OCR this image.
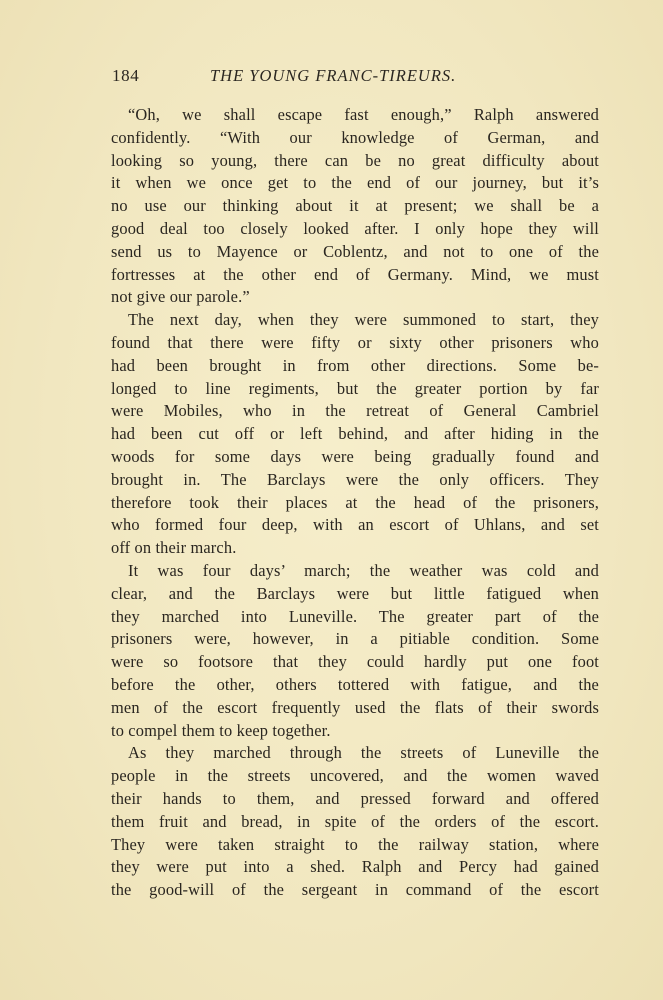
184	THE YOUNG FRANC-TIREURS.
“Oh, we shall escape fast enough,” Ralph answered
confidently. “With our knowledge of German, and
looking so young, there can be no great difficulty about
it when we once get to the end of our journey, but it’s
no use our thinking about it at present; we shall be a
good deal too closely looked after. I only hope they will
send us to Mayence or Coblentz, and not to one of the
fortresses at the other end of Germany. Mind, we must
not give our parole.”
The next day, when they were summoned to start, they
found that there were fifty or sixty other prisoners who
had been brought in from other directions. Some be-
longed to line regiments, but the greater portion by far
were Mobiles, who in the retreat of General Cambriel
had been cut off or left behind, and after hiding in the
woods for some days were being gradually found and
brought in. The Barclays were the only officers. They
therefore took their places at the head of the prisoners,
who formed four deep, with an escort of Uhlans, and set
off on their march.
It was four days’ march; the weather was cold and
clear, and the Barclays were but little fatigued when
they marched into Luneville. The greater part of the
prisoners were, however, in a pitiable condition. Some
were so footsore that they could hardly put one foot
before the other, others tottered with fatigue, and the
men of the escort frequently used the flats of their swords
to compel them to keep together.
As they marched through the streets of Luneville the
people in the streets uncovered, and the women waved
their hands to them, and pressed forward and offered
them fruit and bread, in spite of the orders of the escort.
They were taken straight to the railway station, where
they were put into a shed. Ralph and Percy had gained
the good-will of the sergeant in command of the escort
